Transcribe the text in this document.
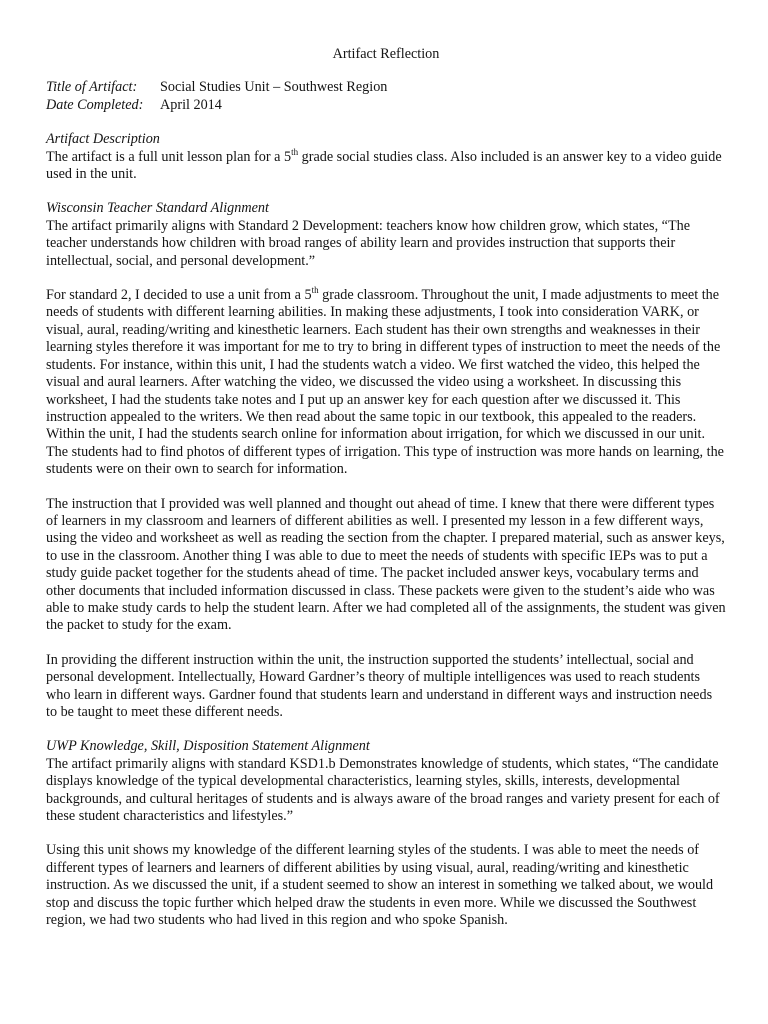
Artifact Reflection
Title of Artifact:	Social Studies Unit – Southwest Region
Date Completed:	April 2014
Artifact Description

The artifact is a full unit lesson plan for a 5th grade social studies class. Also included is an answer key to a video guide used in the unit.

Wisconsin Teacher Standard Alignment

The artifact primarily aligns with Standard 2 Development: teachers know how children grow, which states, “The teacher understands how children with broad ranges of ability learn and provides instruction that supports their intellectual, social, and personal development.”

For standard 2, I decided to use a unit from a 5th grade classroom. Throughout the unit, I made adjustments to meet the needs of students with different learning abilities. In making these adjustments, I took into consideration VARK, or visual, aural, reading/writing and kinesthetic learners. Each student has their own strengths and weaknesses in their learning styles therefore it was important for me to try to bring in different types of instruction to meet the needs of the students. For instance, within this unit, I had the students watch a video. We first watched the video, this helped the visual and aural learners. After watching the video, we discussed the video using a worksheet. In discussing this worksheet, I had the students take notes and I put up an answer key for each question after we discussed it. This instruction appealed to the writers. We then read about the same topic in our textbook, this appealed to the readers. Within the unit, I had the students search online for information about irrigation, for which we discussed in our unit. The students had to find photos of different types of irrigation. This type of instruction was more hands on learning, the students were on their own to search for information.

The instruction that I provided was well planned and thought out ahead of time. I knew that there were different types of learners in my classroom and learners of different abilities as well. I presented my lesson in a few different ways, using the video and worksheet as well as reading the section from the chapter. I prepared material, such as answer keys, to use in the classroom. Another thing I was able to due to meet the needs of students with specific IEPs was to put a study guide packet together for the students ahead of time. The packet included answer keys, vocabulary terms and other documents that included information discussed in class. These packets were given to the student’s aide who was able to make study cards to help the student learn. After we had completed all of the assignments, the student was given the packet to study for the exam.

In providing the different instruction within the unit, the instruction supported the students’ intellectual, social and personal development. Intellectually, Howard Gardner’s theory of multiple intelligences was used to reach students who learn in different ways. Gardner found that students learn and understand in different ways and instruction needs to be taught to meet these different needs.

UWP Knowledge, Skill, Disposition Statement Alignment

The artifact primarily aligns with standard KSD1.b Demonstrates knowledge of students, which states, “The candidate displays knowledge of the typical developmental characteristics, learning styles, skills, interests, developmental backgrounds, and cultural heritages of students and is always aware of the broad ranges and variety present for each of these student characteristics and lifestyles.”

Using this unit shows my knowledge of the different learning styles of the students. I was able to meet the needs of different types of learners and learners of different abilities by using visual, aural, reading/writing and kinesthetic instruction. As we discussed the unit, if a student seemed to show an interest in something we talked about, we would stop and discuss the topic further which helped draw the students in even more. While we discussed the Southwest region, we had two students who had lived in this region and who spoke Spanish.
